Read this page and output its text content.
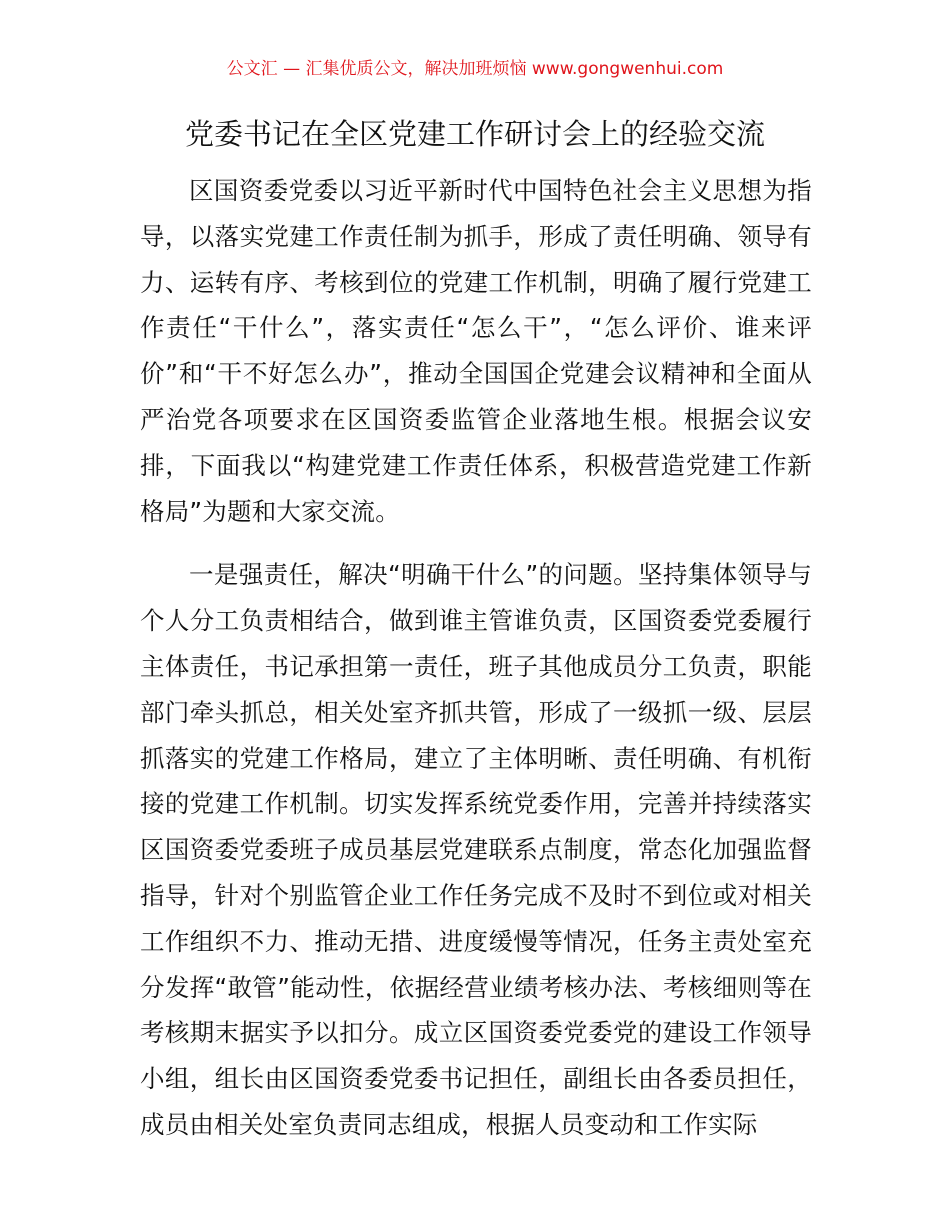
公文汇 — 汇集优质公文，解决加班烦恼 www.gongwenhui.com
党委书记在全区党建工作研讨会上的经验交流

区国资委党委以习近平新时代中国特色社会主义思想为指导，以落实党建工作责任制为抓手，形成了责任明确、领导有力、运转有序、考核到位的党建工作机制，明确了履行党建工作责任“干什么”，落实责任“怎么干”，“怎么评价、谁来评价”和“干不好怎么办”，推动全国国企党建会议精神和全面从严治党各项要求在区国资委监管企业落地生根。根据会议安排，下面我以“构建党建工作责任体系，积极营造党建工作新格局”为题和大家交流。

一是强责任，解决“明确干什么”的问题。坚持集体领导与个人分工负责相结合，做到谁主管谁负责，区国资委党委履行主体责任，书记承担第一责任，班子其他成员分工负责，职能部门牵头抓总，相关处室齐抓共管，形成了一级抓一级、层层抓落实的党建工作格局，建立了主体明晰、责任明确、有机衔接的党建工作机制。切实发挥系统党委作用，完善并持续落实区国资委党委班子成员基层党建联系点制度，常态化加强监督指导，针对个别监管企业工作任务完成不及时不到位或对相关工作组织不力、推动无措、进度缓慢等情况，任务主责处室充分发挥“敢管”能动性，依据经营业绩考核办法、考核细则等在考核期末据实予以扣分。成立区国资委党委党的建设工作领导小组，组长由区国资委党委书记担任，副组长由各委员担任，成员由相关处室负责同志组成，根据人员变动和工作实际
